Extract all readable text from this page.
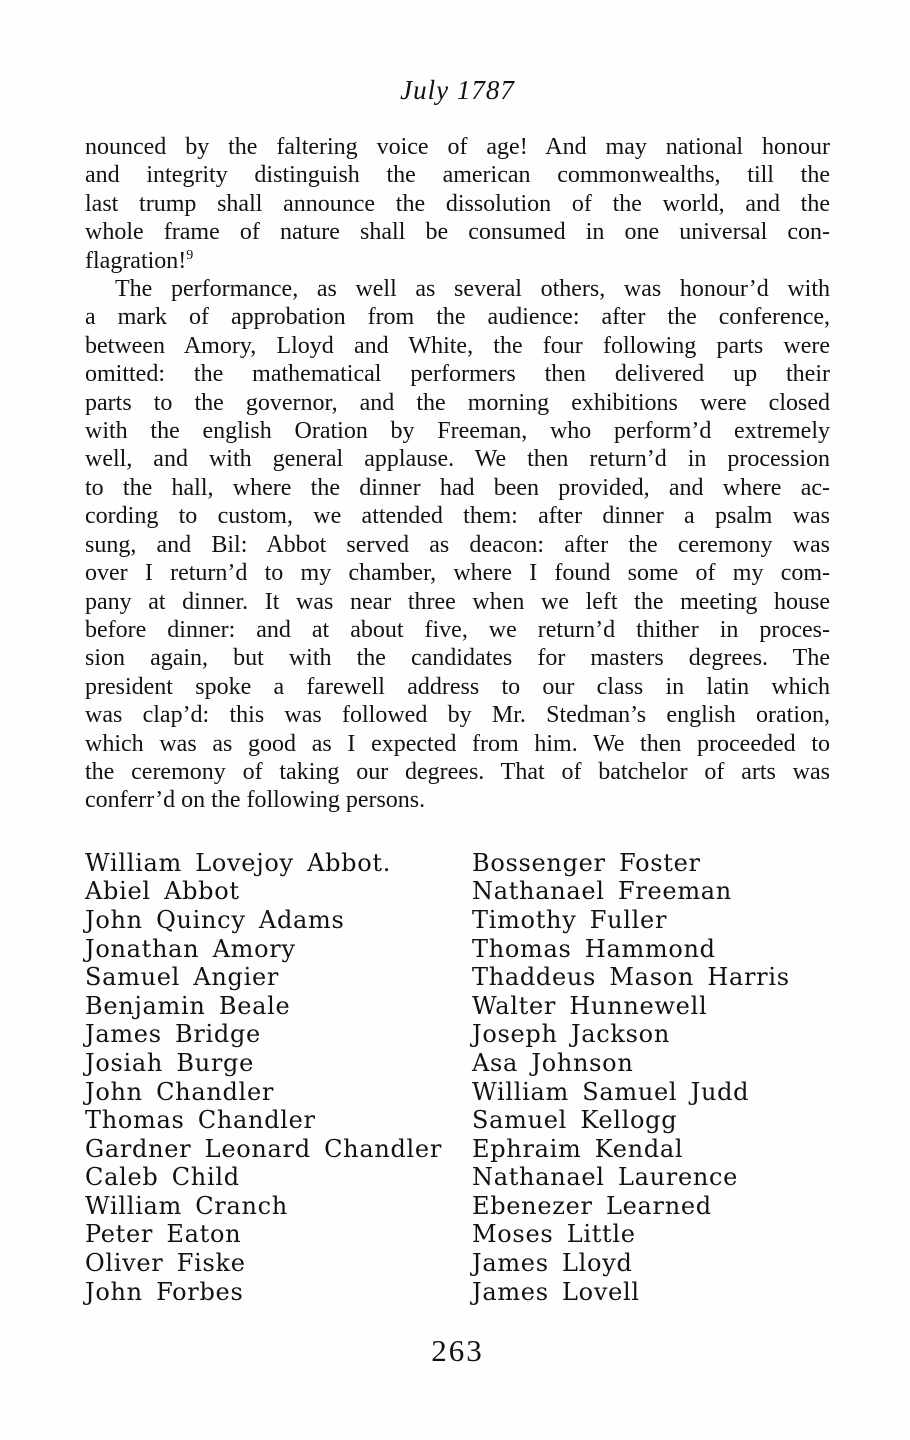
July 1787
nounced by the faltering voice of age! And may national honour
and integrity distinguish the american commonwealths, till the
last trump shall announce the dissolution of the world, and the
whole frame of nature shall be consumed in one universal con-
flagration!$^9$
The performance, as well as several others, was honour’d with
a mark of approbation from the audience: after the conference,
between Amory, Lloyd and White, the four following parts were
omitted: the mathematical performers then delivered up their
parts to the governor, and the morning exhibitions were closed
with the english Oration by Freeman, who perform’d extremely
well, and with general applause. We then return’d in procession
to the hall, where the dinner had been provided, and where ac-
cording to custom, we attended them: after dinner a psalm was
sung, and Bil: Abbot served as deacon: after the ceremony was
over I return’d to my chamber, where I found some of my com-
pany at dinner. It was near three when we left the meeting house
before dinner: and at about five, we return’d thither in proces-
sion again, but with the candidates for masters degrees. The
president spoke a farewell address to our class in latin which
was clap’d: this was followed by Mr. Stedman’s english oration,
which was as good as I expected from him. We then proceeded to
the ceremony of taking our degrees. That of batchelor of arts was
conferr’d on the following persons.
William Lovejoy Abbot.
Abiel Abbot
John Quincy Adams
Jonathan Amory
Samuel Angier
Benjamin Beale
James Bridge
Josiah Burge
John Chandler
Thomas Chandler
Gardner Leonard Chandler
Caleb Child
William Cranch
Peter Eaton
Oliver Fiske
John Forbes
Bossenger Foster
Nathanael Freeman
Timothy Fuller
Thomas Hammond
Thaddeus Mason Harris
Walter Hunnewell
Joseph Jackson
Asa Johnson
William Samuel Judd
Samuel Kellogg
Ephraim Kendal
Nathanael Laurence
Ebenezer Learned
Moses Little
James Lloyd
James Lovell
263
